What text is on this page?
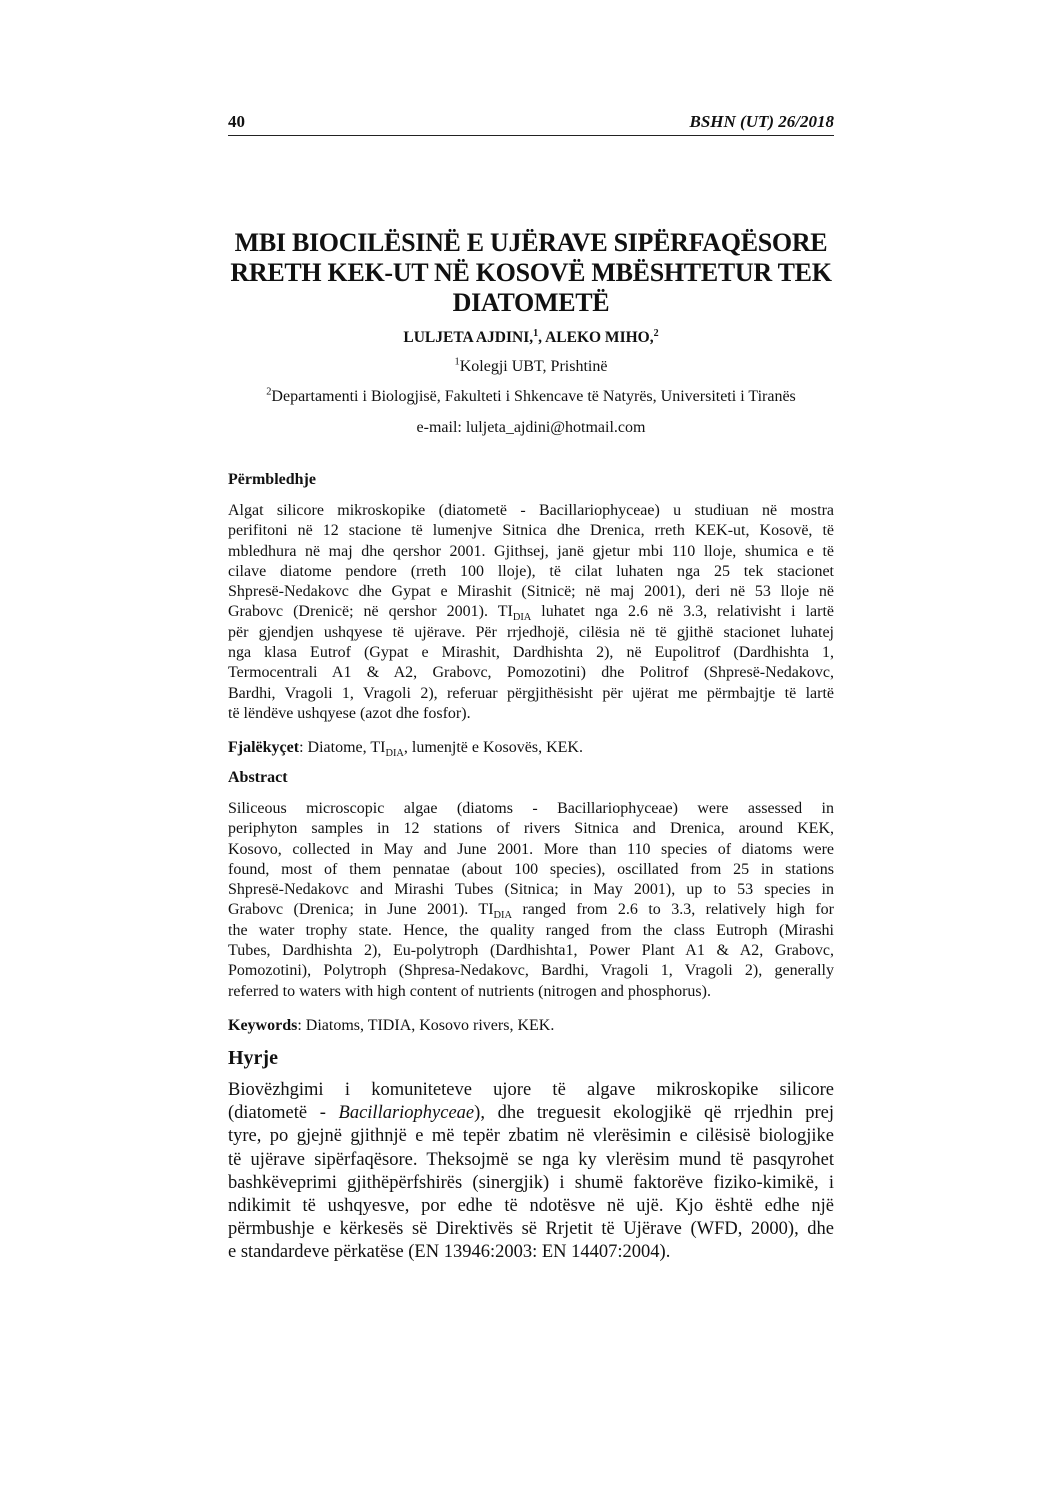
40	BSHN (UT) 26/2018
MBI BIOCILËSINË E UJËRAVE SIPËRFAQËSORE RRETH KEK-UT NË KOSOVË MBËSHTETUR TEK DIATOMETË
LULJETA AJDINI,$^1$, ALEKO MIHO,$^2$
$^1$Kolegji UBT, Prishtinë
$^2$Departamenti i Biologjisë, Fakulteti i Shkencave të Natyrës, Universiteti i Tiranës
e-mail: luljeta_ajdini@hotmail.com
Përmbledhje
Algat silicore mikroskopike (diatometë - Bacillariophyceae) u studiuan në mostra
perifitoni në 12 stacione të lumenjve Sitnica dhe Drenica, rreth KEK-ut, Kosovë, të
mbledhura në maj dhe qershor 2001. Gjithsej, janë gjetur mbi 110 lloje, shumica e të
cilave diatome pendore (rreth 100 lloje), të cilat luhaten nga 25 tek stacionet
Shpresë-Nedakovc dhe Gypat e Mirashit (Sitnicë; në maj 2001), deri në 53 lloje në
Grabovc (Drenicë; në qershor 2001). $TI_{DIA}$ luhatet nga 2.6 në 3.3, relativisht i lartë
për gjendjen ushqyese të ujërave. Për rrjedhojë, cilësia në të gjithë stacionet luhatej
nga klasa Eutrof (Gypat e Mirashit, Dardhishta 2), në Eupolitrof (Dardhishta 1,
Termocentrali A1 & A2, Grabovc, Pomozotini) dhe Politrof (Shpresë-Nedakovc,
Bardhi, Vragoli 1, Vragoli 2), referuar përgjithësisht për ujërat me përmbajtje të lartë
të lëndëve ushqyese (azot dhe fosfor).
Fjalëkyçet: Diatome, $TI_{DIA}$, lumenjtë e Kosovës, KEK.
Abstract
Siliceous microscopic algae (diatoms - Bacillariophyceae) were assessed in
periphyton samples in 12 stations of rivers Sitnica and Drenica, around KEK,
Kosovo, collected in May and June 2001. More than 110 species of diatoms were
found, most of them pennatae (about 100 species), oscillated from 25 in stations
Shpresë-Nedakovc and Mirashi Tubes (Sitnica; in May 2001), up to 53 species in
Grabovc (Drenica; in June 2001). $TI_{DIA}$ ranged from 2.6 to 3.3, relatively high for
the water trophy state. Hence, the quality ranged from the class Eutroph (Mirashi
Tubes, Dardhishta 2), Eu-polytroph (Dardhishta1, Power Plant A1 & A2, Grabovc,
Pomozotini), Polytroph (Shpresa-Nedakovc, Bardhi, Vragoli 1, Vragoli 2), generally
referred to waters with high content of nutrients (nitrogen and phosphorus).
Keywords: Diatoms, TIDIA, Kosovo rivers, KEK.
Hyrje
Biovëzhgimi i komuniteteve ujore të algave mikroskopike silicore
(diatometë - Bacillariophyceae), dhe treguesit ekologjikë që rrjedhin prej
tyre, po gjejnë gjithnjë e më tepër zbatim në vlerësimin e cilësisë biologjike
të ujërave sipërfaqësore. Theksojmë se nga ky vlerësim mund të pasqyrohet
bashkëveprimi gjithëpërfshirës (sinergjik) i shumë faktorëve fiziko-kimikë, i
ndikimit të ushqyesve, por edhe të ndotësve në ujë. Kjo është edhe një
përmbushje e kërkesës së Direktivës së Rrjetit të Ujërave (WFD, 2000), dhe
e standardeve përkatëse (EN 13946:2003: EN 14407:2004).
